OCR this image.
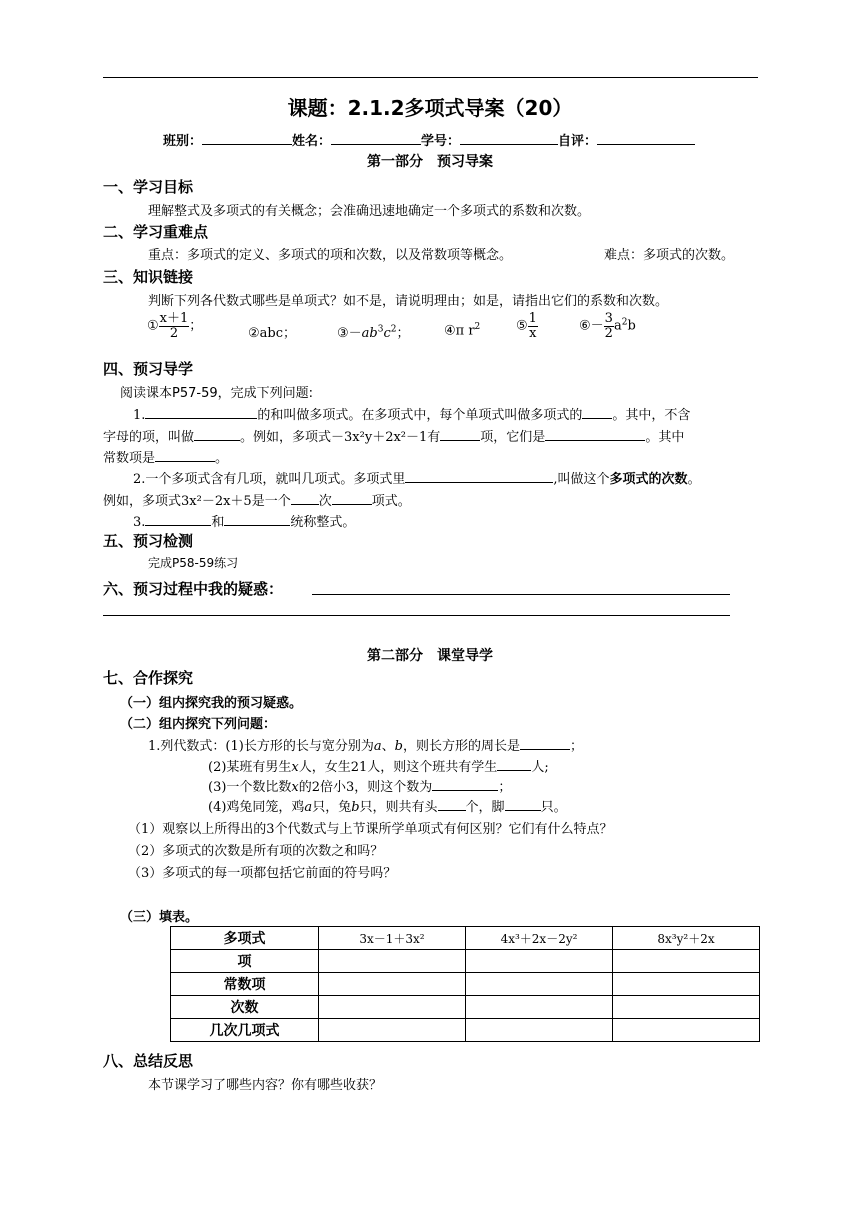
课题：2.1.2多项式导案（20）
班别：	姓名：	学号：	自评：
第一部分　预习导案
一、学习目标
理解整式及多项式的有关概念；会准确迅速地确定一个多项式的系数和次数。
二、学习重难点
重点：多项式的定义、多项式的项和次数，以及常数项等概念。	难点：多项式的次数。
三、知识链接
判断下列各代数式哪些是单项式？如不是，请说明理由；如是，请指出它们的系数和次数。
① $\frac{x+1}{2}$ ；	②abc；	$③-ab^3c^2$；	④π $r^2$	⑤ $\frac{1}{x}$	⑥－ $\frac{3}{2} a^2b$
四、预习导学
阅读课本P57-59，完成下列问题:
1.	的和叫做多项式。在多项式中，每个单项式叫做多项式的 。其中，不含
字母的项，叫做	。例如，多项式－3x²y＋2x²－1有	项，它们是	。其中
常数项是	。
2.一个多项式含有几项，就叫几项式。多项式里	,叫做这个多项式的次数。
例如，多项式3x²－2x＋5是一个 次	项式。
3.	和	统称整式。
五、预习检测
完成P58-59练习
六、预习过程中我的疑惑：
第二部分　课堂导学
七、合作探究
（一）组内探究我的预习疑惑。
（二）组内探究下列问题：
1.列代数式：(1)长方形的长与宽分别为a、b，则长方形的周长是	；
(2)某班有男生x人，女生21人，则这个班共有学生	人;
(3)一个数比数x的2倍小3，则这个数为	；
(4)鸡兔同笼，鸡a只，兔b只，则共有头 个，脚	只。
（1）观察以上所得出的3个代数式与上节课所学单项式有何区别？它们有什么特点？
（2）多项式的次数是所有项的次数之和吗？
（3）多项式的每一项都包括它前面的符号吗？
（三）填表。
多项式	3x－1＋3x²	4x³＋2x－2y²	8x³y²＋2x
项			
常数项			
次数			
几次几项式			
八、总结反思
本节课学习了哪些内容？你有哪些收获？
